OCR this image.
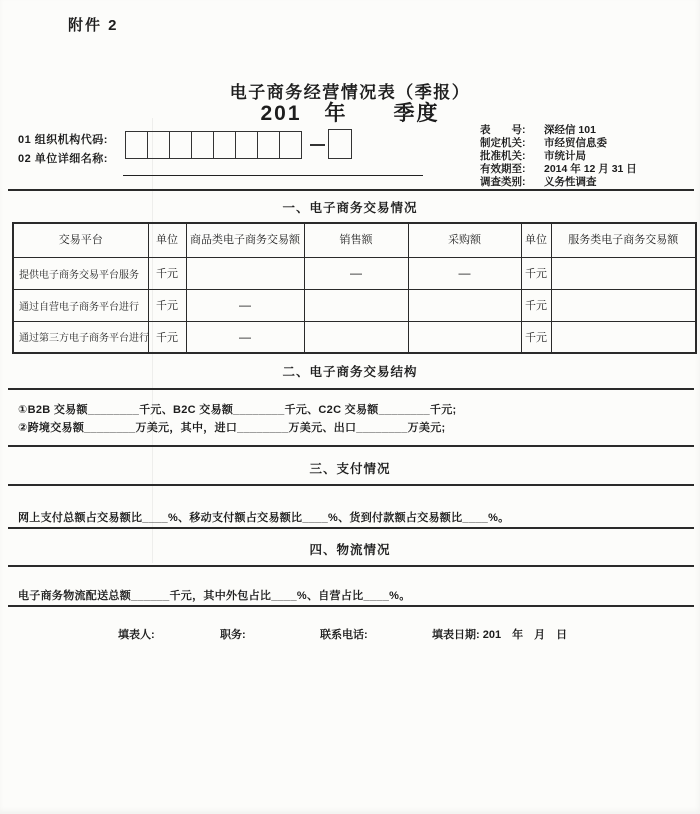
附件 2
电子商务经营情况表（季报）
201　年　　季度
01 组织机构代码:
02 单位详细名称:
表　　号:	深经信 101
制定机关:	市经贸信息委
批准机关:	市统计局
有效期至:	2014 年 12 月 31 日
调查类别:	义务性调查
一、电子商务交易情况
交易平台	单位	商品类电子商务交易额	销售额	采购额	单位	服务类电子商务交易额
提供电子商务交易平台服务	千元		—	—	千元	
通过自营电子商务平台进行	千元	—			千元	
通过第三方电子商务平台进行	千元	—			千元	
二、电子商务交易结构
①B2B 交易额________千元、B2C 交易额________千元、C2C 交易额________千元;
②跨境交易额________万美元，其中，进口________万美元、出口________万美元;
三、支付情况
网上支付总额占交易额比____%、移动支付额占交易额比____%、货到付款额占交易额比____%。
四、物流情况
电子商务物流配送总额______千元，其中外包占比____%、自营占比____%。
填表人:	职务:	联系电话:	填表日期: 201　年　月　日
